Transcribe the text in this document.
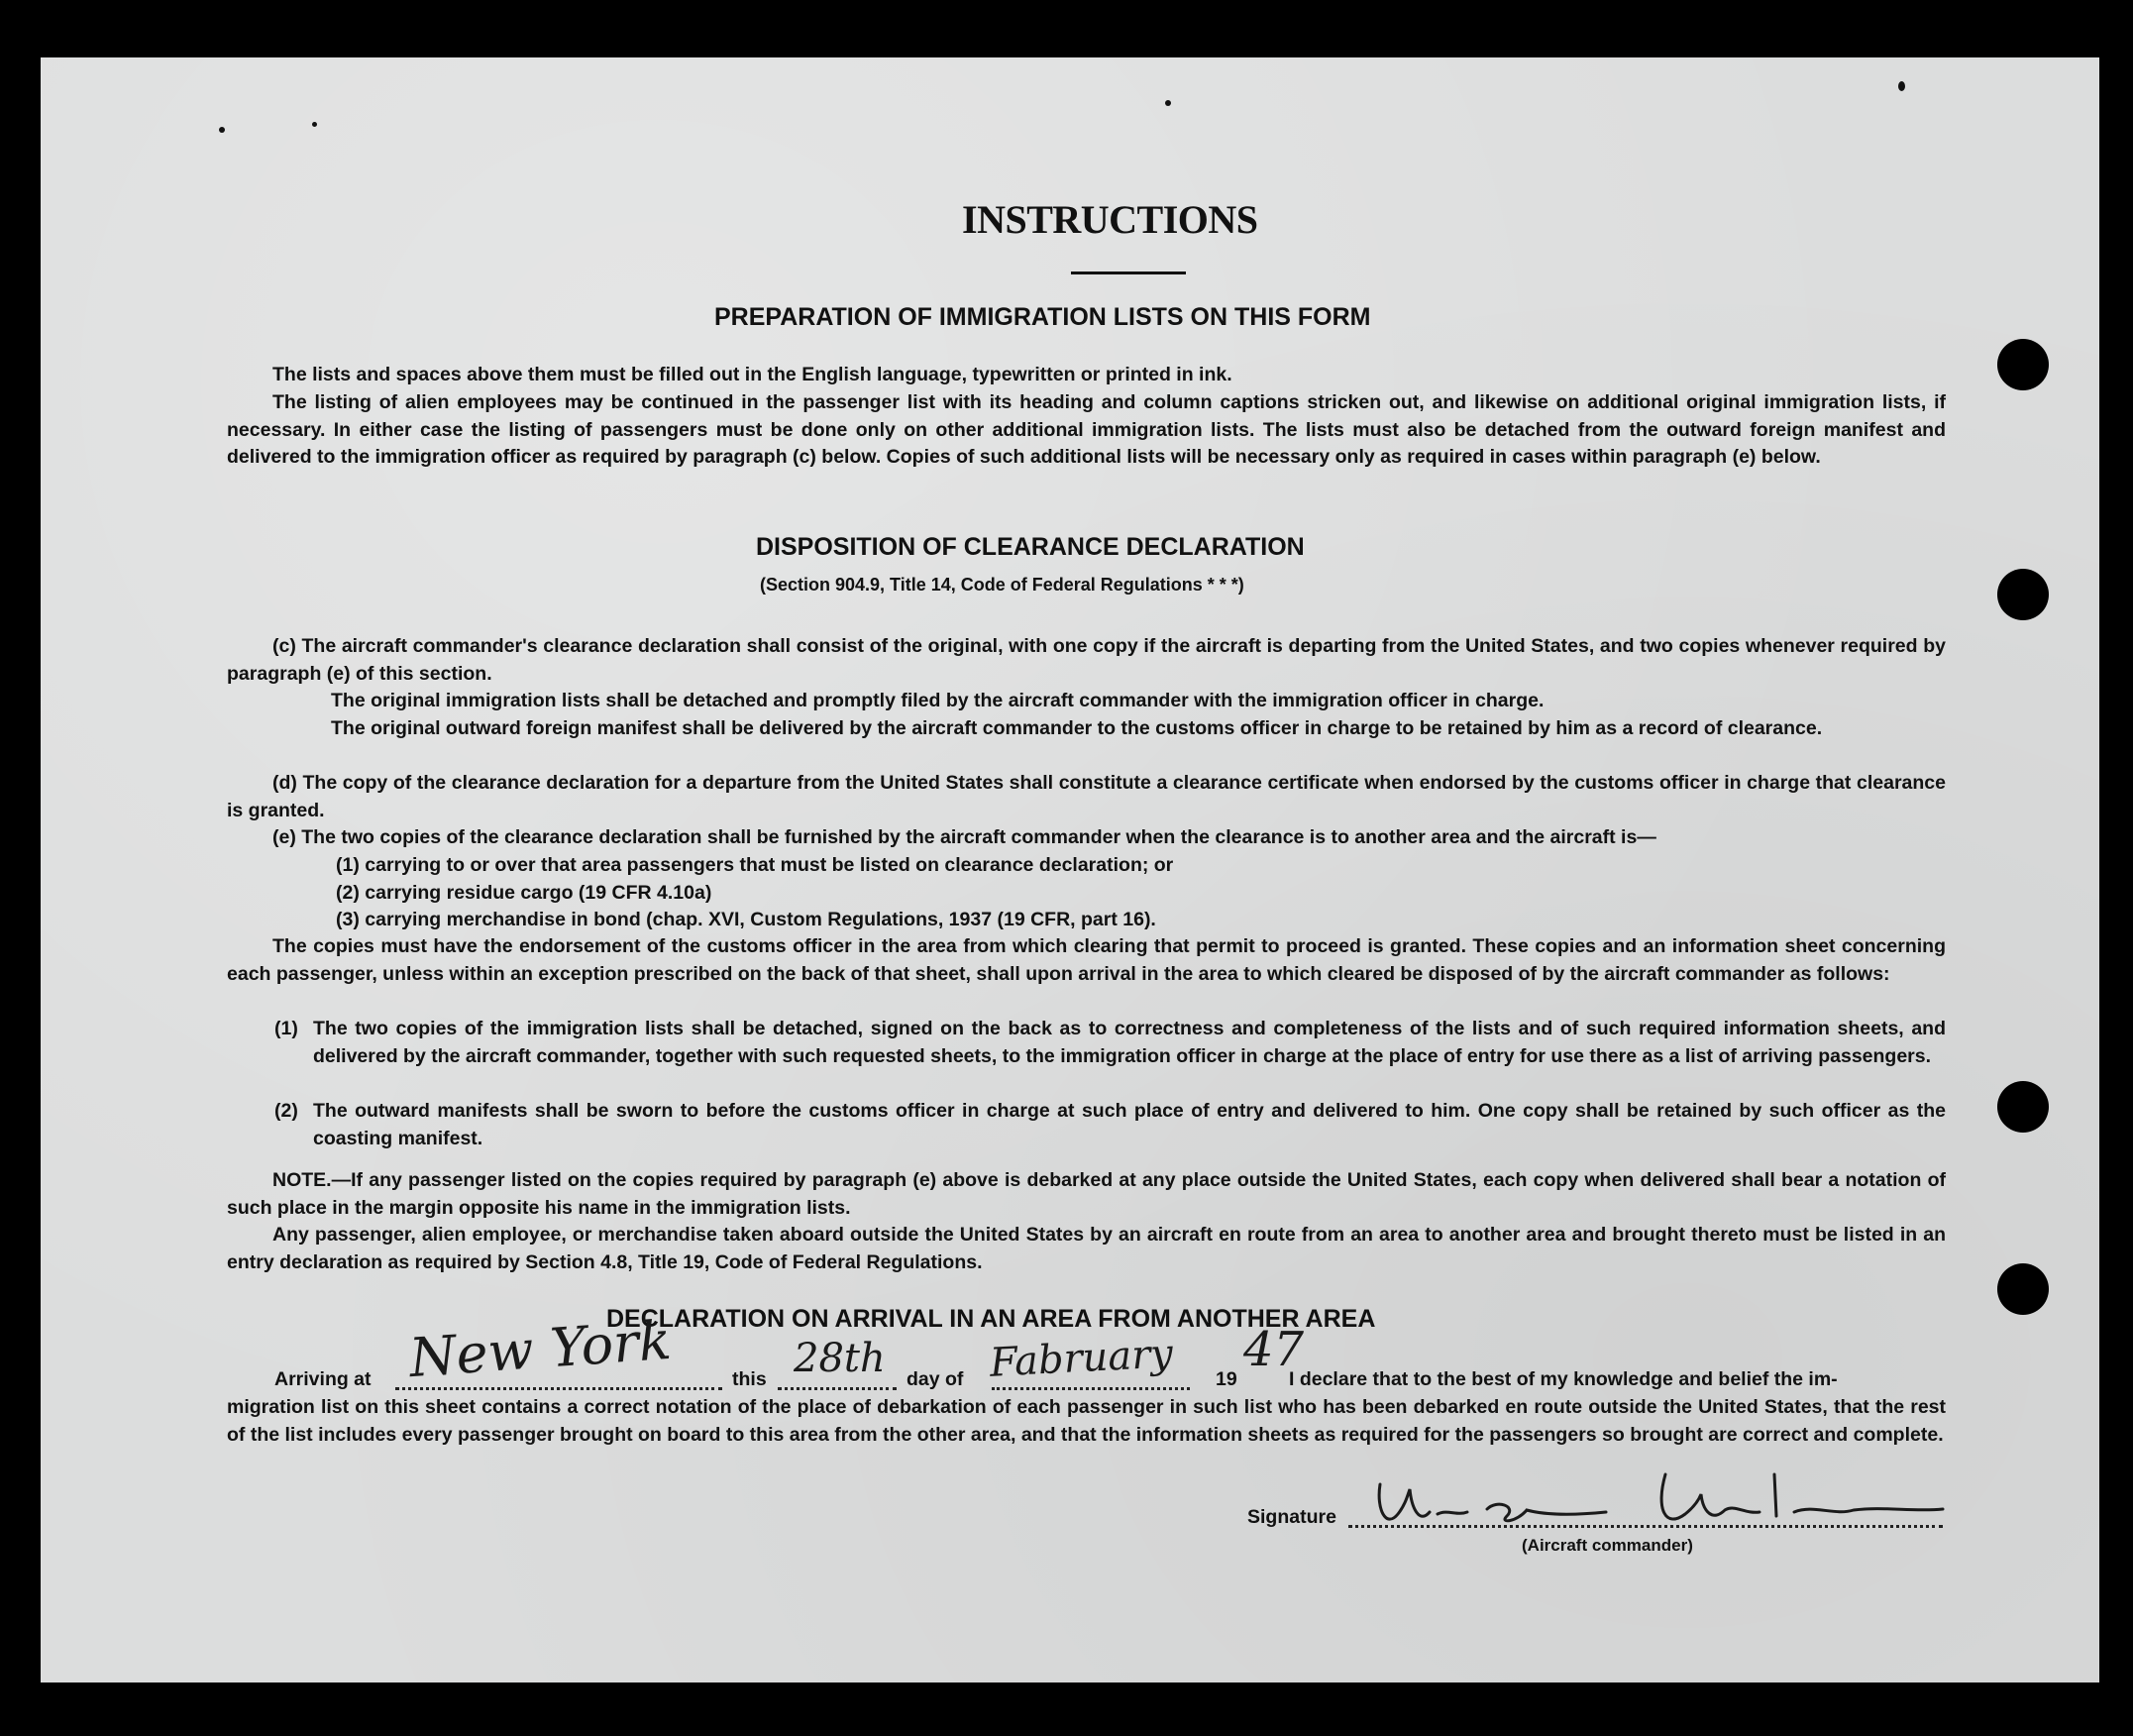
INSTRUCTIONS
PREPARATION OF IMMIGRATION LISTS ON THIS FORM
The lists and spaces above them must be filled out in the English language, typewritten or printed in ink.
The listing of alien employees may be continued in the passenger list with its heading and column captions stricken out, and likewise on additional original immigration lists, if necessary. In either case the listing of passengers must be done only on other additional immigration lists. The lists must also be detached from the outward foreign manifest and delivered to the immigration officer as required by paragraph (c) below. Copies of such additional lists will be necessary only as required in cases within paragraph (e) below.
DISPOSITION OF CLEARANCE DECLARATION
(Section 904.9, Title 14, Code of Federal Regulations * * *)
(c) The aircraft commander's clearance declaration shall consist of the original, with one copy if the aircraft is departing from the United States, and two copies whenever required by paragraph (e) of this section.
The original immigration lists shall be detached and promptly filed by the aircraft commander with the immigration officer in charge.
The original outward foreign manifest shall be delivered by the aircraft commander to the customs officer in charge to be retained by him as a record of clearance.
(d) The copy of the clearance declaration for a departure from the United States shall constitute a clearance certificate when endorsed by the customs officer in charge that clearance is granted.
(e) The two copies of the clearance declaration shall be furnished by the aircraft commander when the clearance is to another area and the aircraft is—
(1) carrying to or over that area passengers that must be listed on clearance declaration; or
(2) carrying residue cargo (19 CFR 4.10a)
(3) carrying merchandise in bond (chap. XVI, Custom Regulations, 1937 (19 CFR, part 16).
The copies must have the endorsement of the customs officer in the area from which clearing that permit to proceed is granted. These copies and an information sheet concerning each passenger, unless within an exception prescribed on the back of that sheet, shall upon arrival in the area to which cleared be disposed of by the aircraft commander as follows:
(1) The two copies of the immigration lists shall be detached, signed on the back as to correctness and completeness of the lists and of such required information sheets, and delivered by the aircraft commander, together with such requested sheets, to the immigration officer in charge at the place of entry for use there as a list of arriving passengers.
(2) The outward manifests shall be sworn to before the customs officer in charge at such place of entry and delivered to him. One copy shall be retained by such officer as the coasting manifest.
NOTE.—If any passenger listed on the copies required by paragraph (e) above is debarked at any place outside the United States, each copy when delivered shall bear a notation of such place in the margin opposite his name in the immigration lists.
Any passenger, alien employee, or merchandise taken aboard outside the United States by an aircraft en route from an area to another area and brought thereto must be listed in an entry declaration as required by Section 4.8, Title 19, Code of Federal Regulations.
DECLARATION ON ARRIVAL IN AN AREA FROM ANOTHER AREA
Arriving at New York	this 28th day of Fabruary 19
47
I declare that to the best of my knowledge and belief the im-
migration list on this sheet contains a correct notation of the place of debarkation of each passenger in such list who has been debarked en route outside the United States, that the rest of the list includes every passenger brought on board to this area from the other area, and that the information sheets as required for the passengers so brought are correct and complete.
Signature
(Aircraft commander)
